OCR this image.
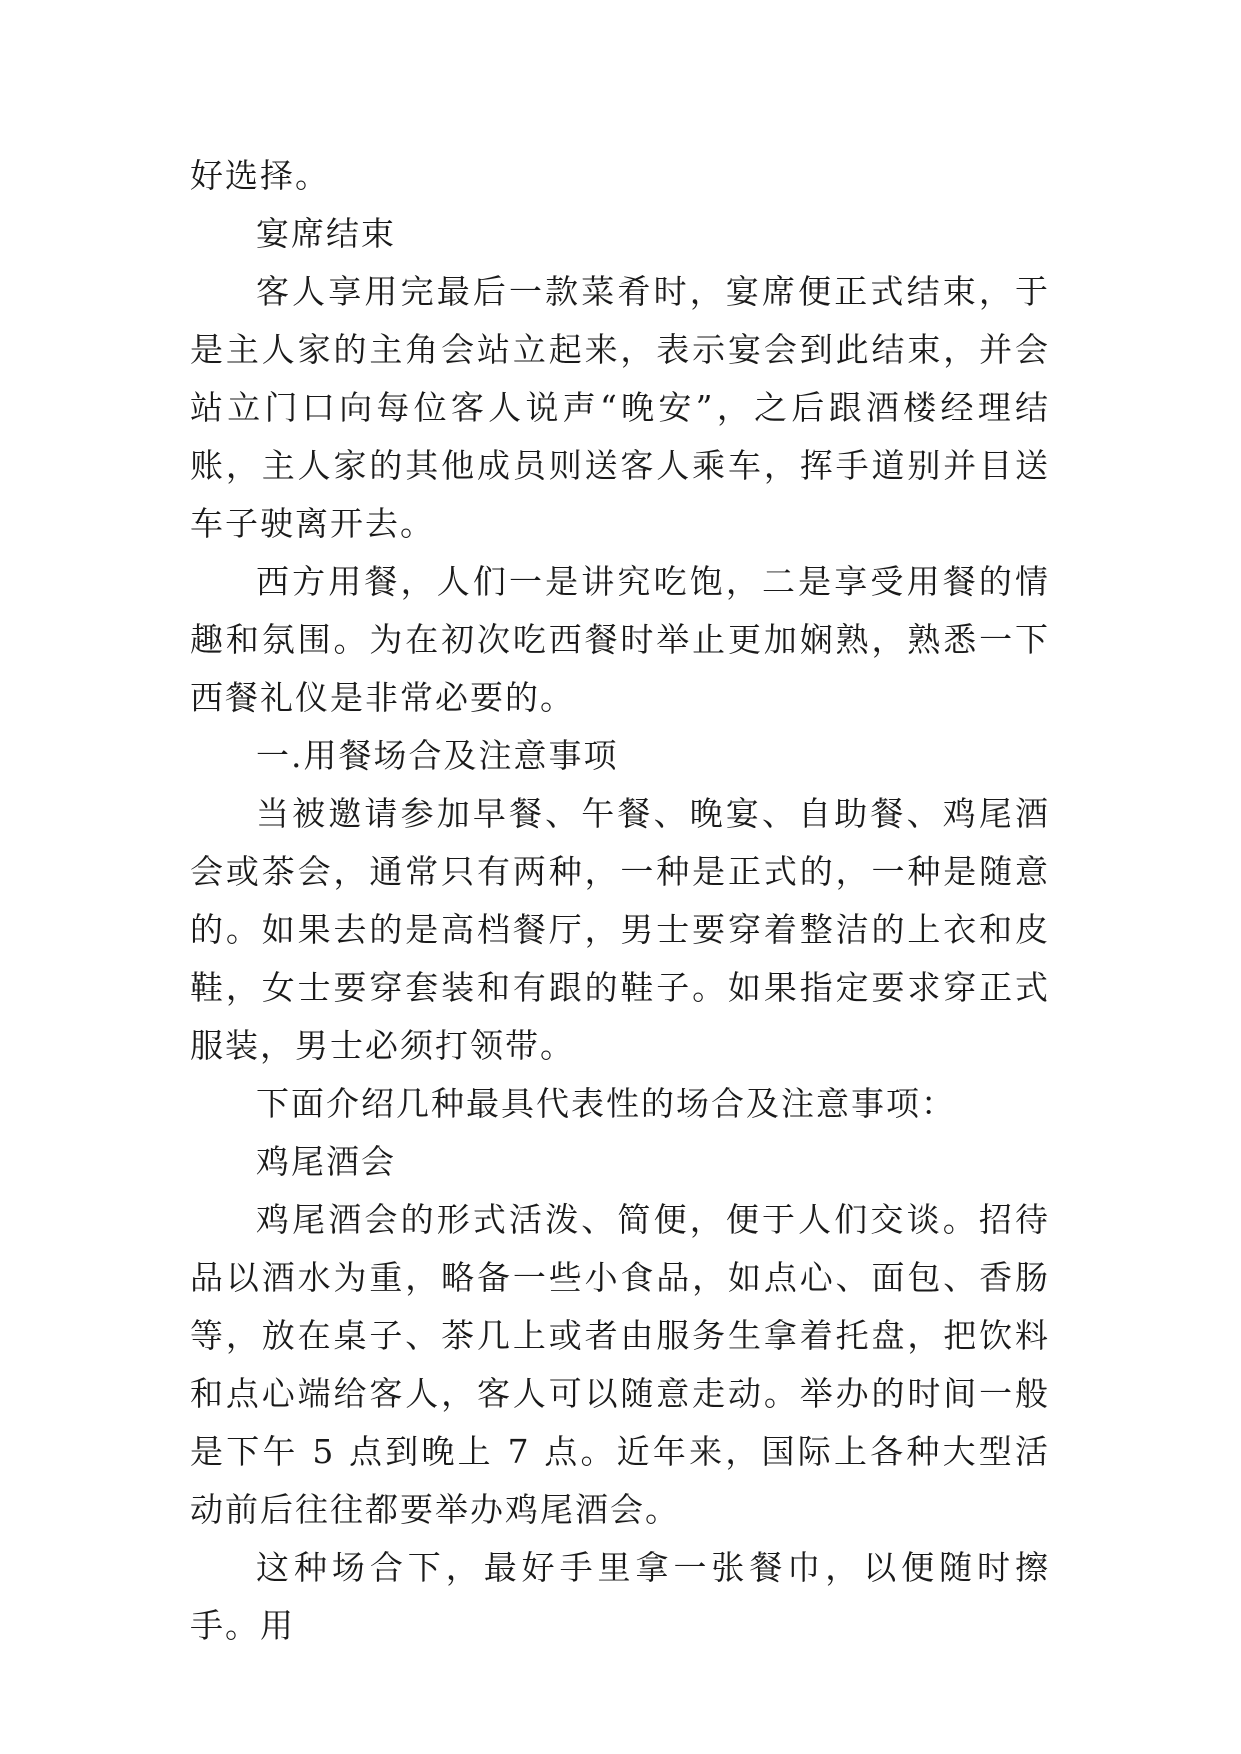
好选择。

宴席结束

客人享用完最后一款菜肴时，宴席便正式结束，于是主人家的主角会站立起来，表示宴会到此结束，并会站立门口向每位客人说声“晚安”，之后跟酒楼经理结账，主人家的其他成员则送客人乘车，挥手道别并目送车子驶离开去。

西方用餐，人们一是讲究吃饱，二是享受用餐的情趣和氛围。为在初次吃西餐时举止更加娴熟，熟悉一下西餐礼仪是非常必要的。

一.用餐场合及注意事项

当被邀请参加早餐、午餐、晚宴、自助餐、鸡尾酒会或茶会，通常只有两种，一种是正式的，一种是随意的。如果去的是高档餐厅，男士要穿着整洁的上衣和皮鞋，女士要穿套装和有跟的鞋子。如果指定要求穿正式服装，男士必须打领带。

下面介绍几种最具代表性的场合及注意事项：

鸡尾酒会

鸡尾酒会的形式活泼、简便，便于人们交谈。招待品以酒水为重，略备一些小食品，如点心、面包、香肠等，放在桌子、茶几上或者由服务生拿着托盘，把饮料和点心端给客人，客人可以随意走动。举办的时间一般是下午 5 点到晚上 7 点。近年来，国际上各种大型活动前后往往都要举办鸡尾酒会。

这种场合下，最好手里拿一张餐巾，以便随时擦手。用
